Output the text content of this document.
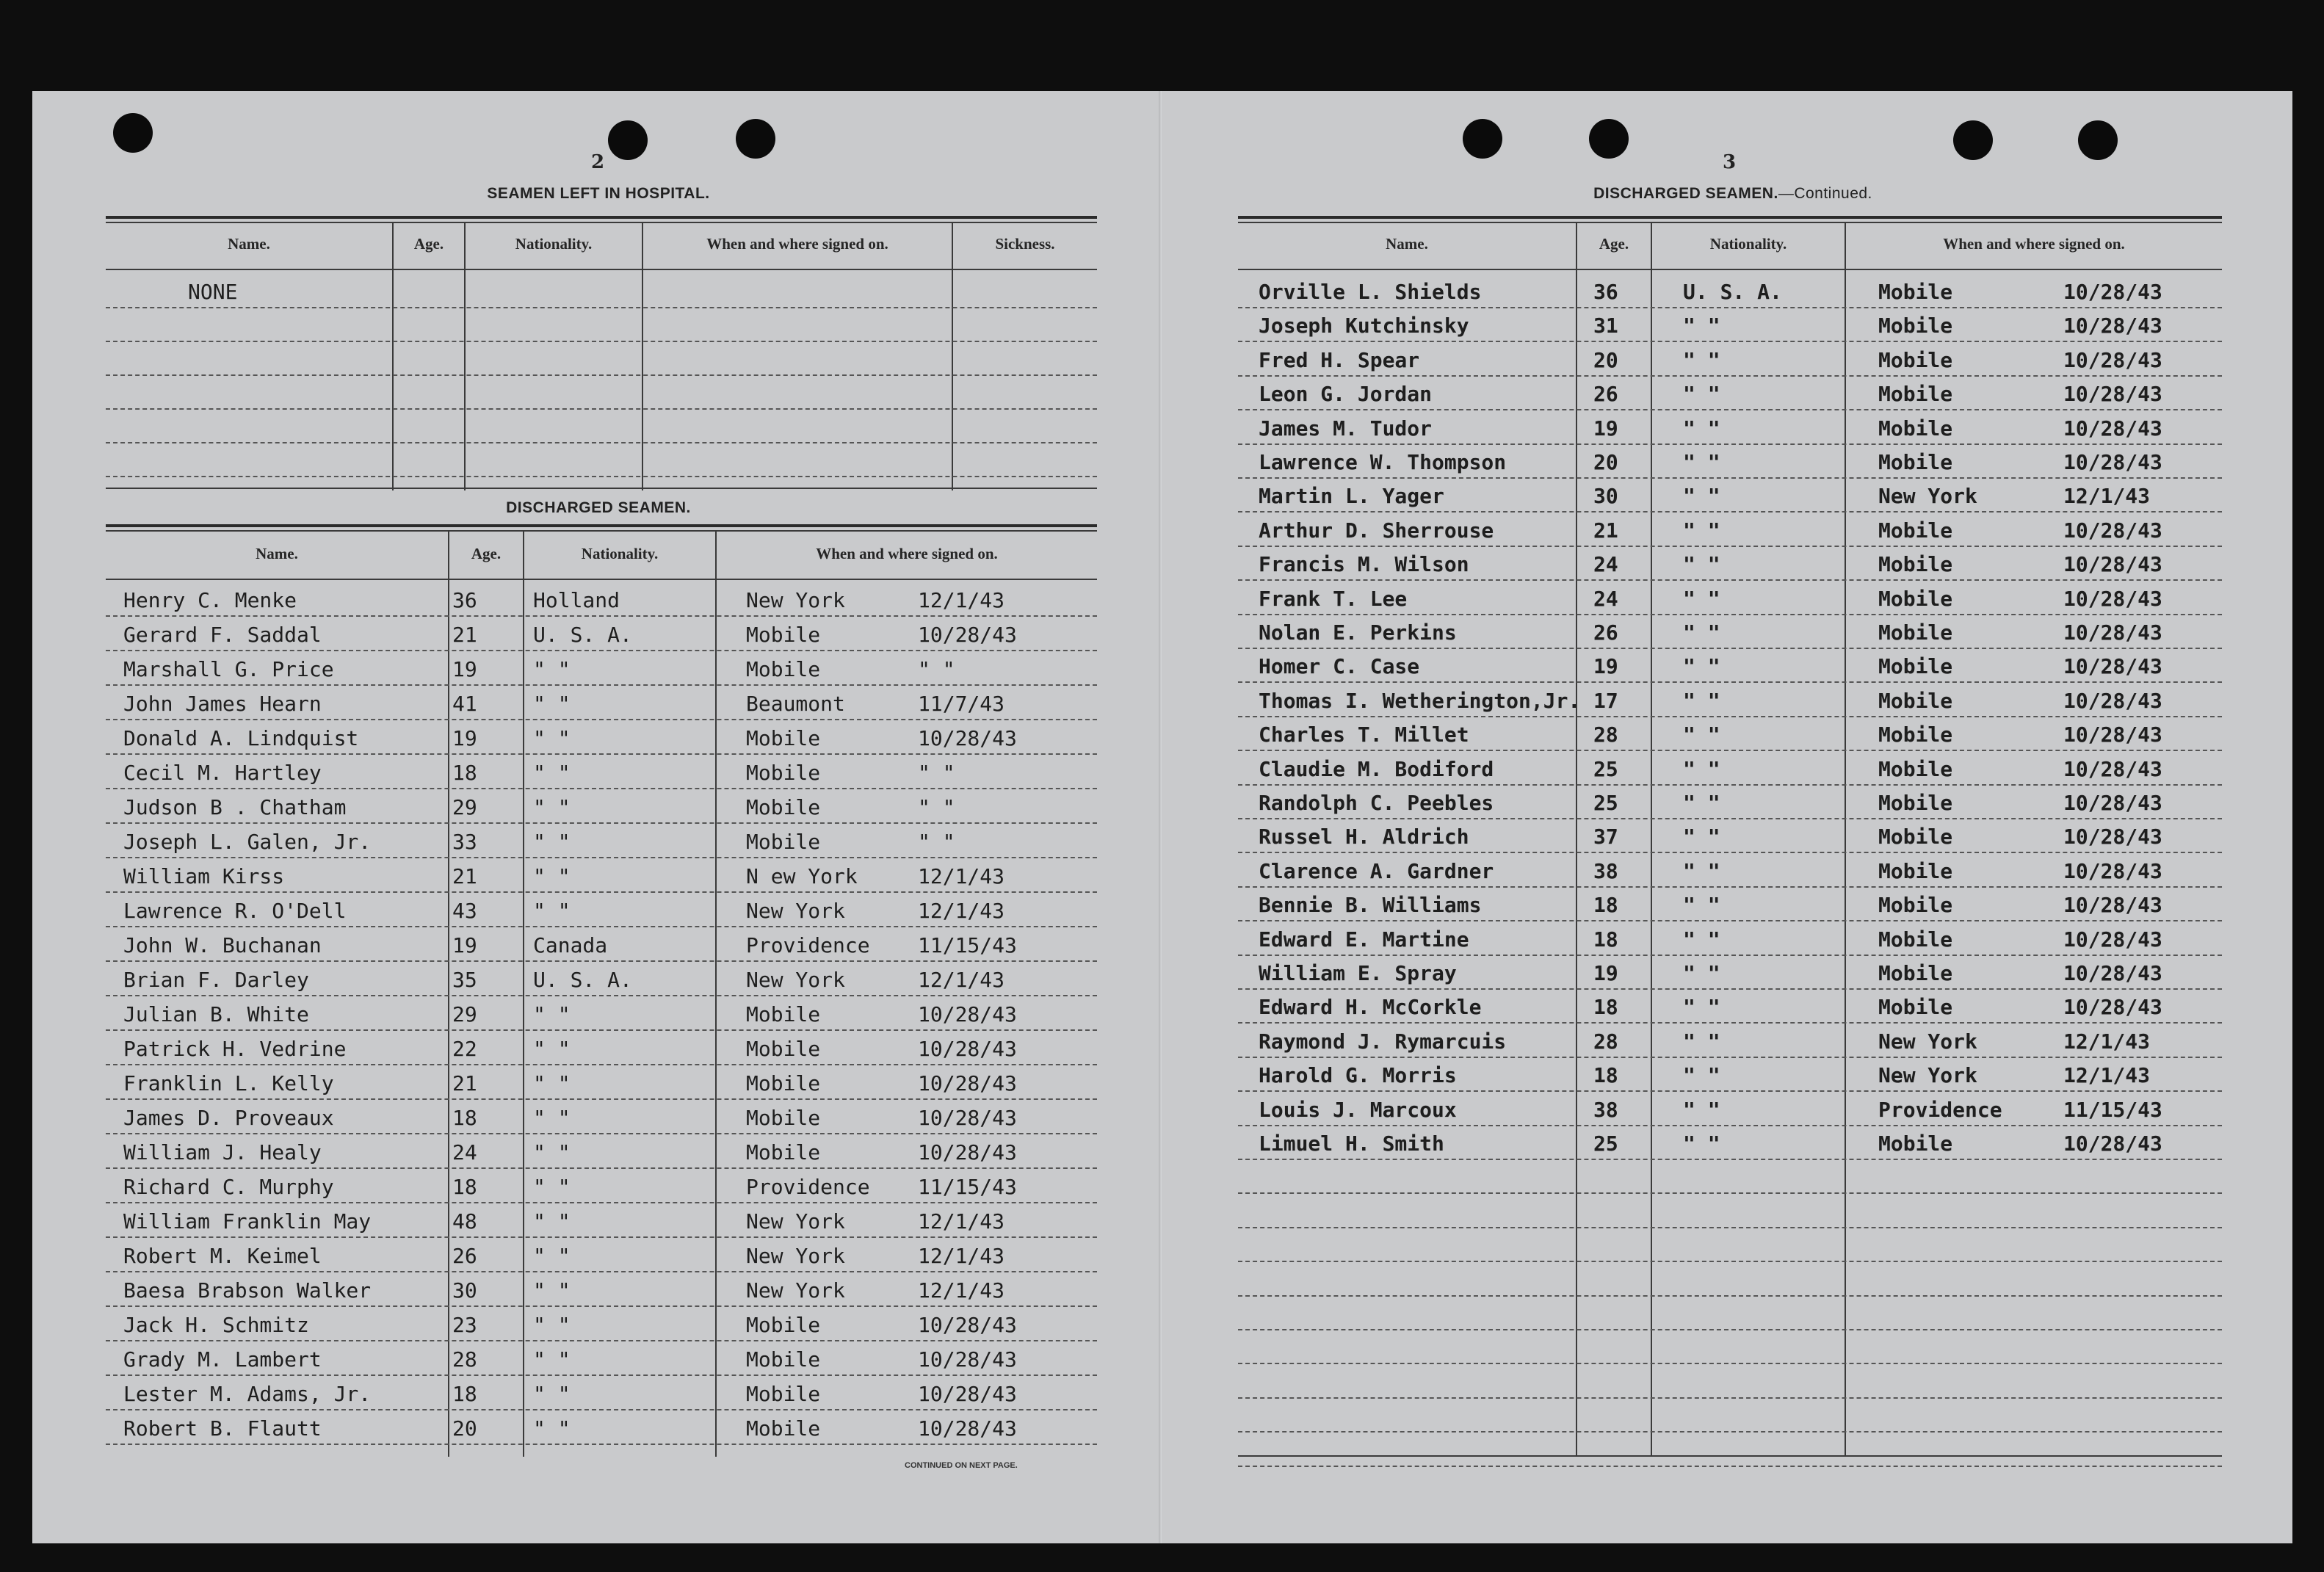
2
SEAMEN LEFT IN HOSPITAL.
Name.	Age.	Nationality.	When and where signed on.	Sickness.
NONE
DISCHARGED SEAMEN.
Name.	Age.	Nationality.	When and where signed on.
Henry C. Menke	36	Holland	New York	12/1/43
Gerard F. Saddal	21	U. S. A.	Mobile	10/28/43
Marshall G. Price	19	" "	Mobile	" "
John James Hearn	41	" "	Beaumont	11/7/43
Donald A. Lindquist	19	" "	Mobile	10/28/43
Cecil M. Hartley	18	" "	Mobile	" "
Judson B . Chatham	29	" "	Mobile	" "
Joseph L. Galen, Jr.	33	" "	Mobile	" "
William Kirss	21	" "	N ew York	12/1/43
Lawrence R. O'Dell	43	" "	New York	12/1/43
John W. Buchanan	19	Canada	Providence 11/15/43
Brian F. Darley	35	U. S. A.	New York	12/1/43
Julian B. White	29	" "	Mobile	10/28/43
Patrick H. Vedrine	22	" "	Mobile	10/28/43
Franklin L. Kelly	21	" "	Mobile	10/28/43
James D. Proveaux	18	" "	Mobile	10/28/43
William J. Healy	24	" "	Mobile	10/28/43
Richard C. Murphy	18	" "	Providence 11/15/43
William Franklin May	48	" "	New York	12/1/43
Robert M. Keimel	26	" "	New York	12/1/43
Baesa Brabson Walker	30	" "	New York	12/1/43
Jack H. Schmitz	23	" "	Mobile	10/28/43
Grady M. Lambert	28	" "	Mobile	10/28/43
Lester M. Adams, Jr.	18	" "	Mobile	10/28/43
Robert B. Flautt	20	" "	Mobile	10/28/43
CONTINUED ON NEXT PAGE.
3
DISCHARGED SEAMEN.—Continued.
Name.	Age.	Nationality.	When and where signed on.
Orville L. Shields	36	U. S. A.	Mobile	10/28/43
Joseph Kutchinsky	31	" "	Mobile	10/28/43
Fred H. Spear	20	" "	Mobile	10/28/43
Leon G. Jordan	26	" "	Mobile	10/28/43
James M. Tudor	19	" "	Mobile	10/28/43
Lawrence W. Thompson	20	" "	Mobile	10/28/43
Martin L. Yager	30	" "	New York	12/1/43
Arthur D. Sherrouse	21	" "	Mobile	10/28/43
Francis M. Wilson	24	" "	Mobile	10/28/43
Frank T. Lee	24	" "	Mobile	10/28/43
Nolan E. Perkins	26	" "	Mobile	10/28/43
Homer C. Case	19	" "	Mobile	10/28/43
Thomas I. Wetherington,Jr. 17	" "	Mobile	10/28/43
Charles T. Millet	28	" "	Mobile	10/28/43
Claudie M. Bodiford	25	" "	Mobile	10/28/43
Randolph C. Peebles	25	" "	Mobile	10/28/43
Russel H. Aldrich	37	" "	Mobile	10/28/43
Clarence A. Gardner	38	" "	Mobile	10/28/43
Bennie B. Williams	18	" "	Mobile	10/28/43
Edward E. Martine	18	" "	Mobile	10/28/43
William E. Spray	19	" "	Mobile	10/28/43
Edward H. McCorkle	18	" "	Mobile	10/28/43
Raymond J. Rymarcuis	28	" "	New York	12/1/43
Harold G. Morris	18	" "	New York	12/1/43
Louis J. Marcoux	38	" "	Providence	11/15/43
Limuel H. Smith	25	" "	Mobile	10/28/43
